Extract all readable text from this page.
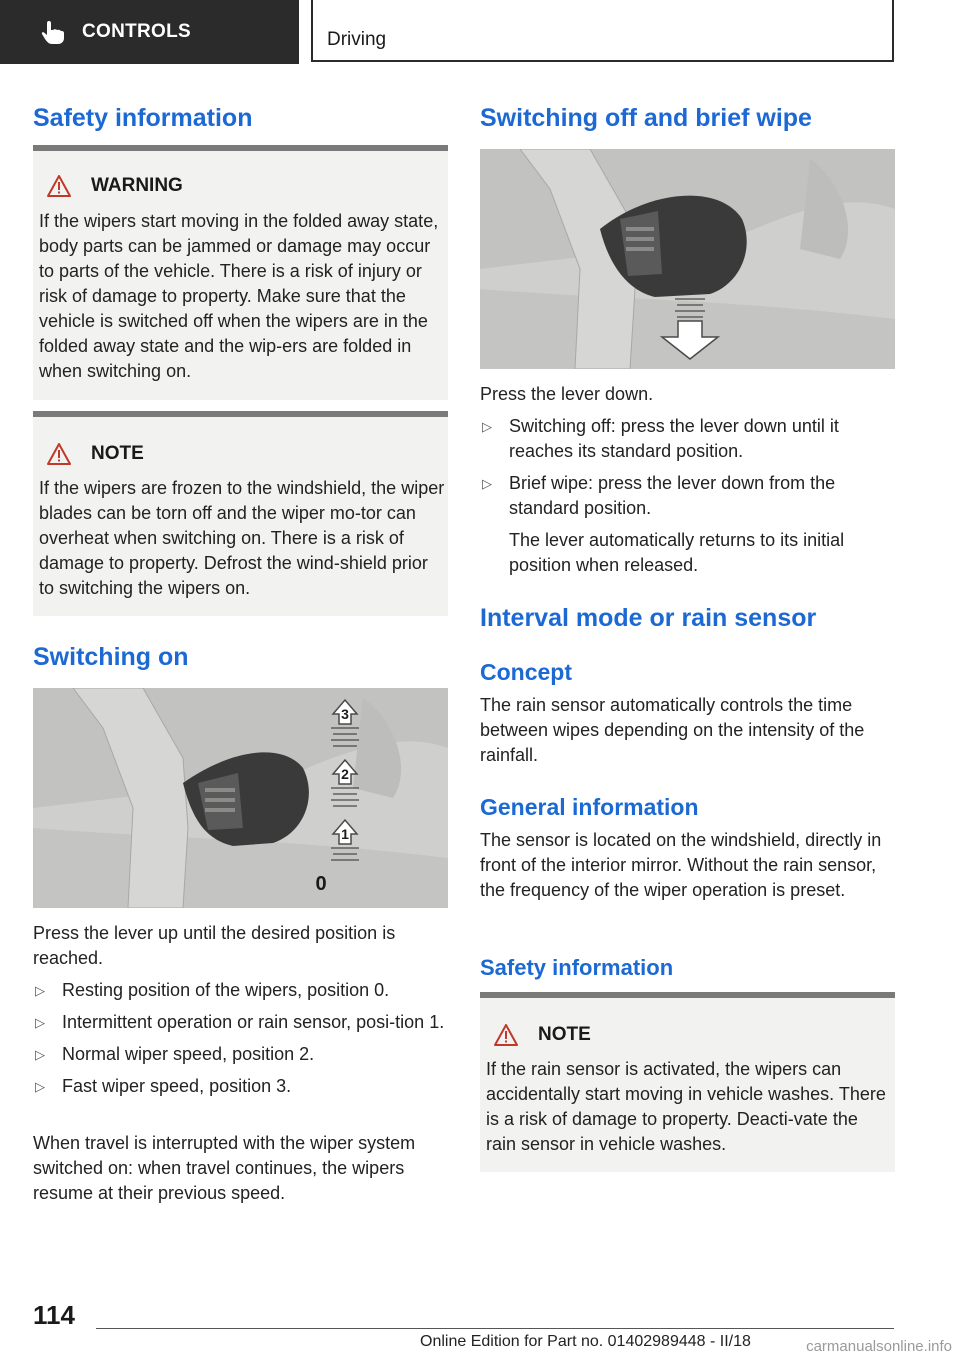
CONTROLS	Driving
Safety information
WARNING

If the wipers start moving in the folded away state, body parts can be jammed or damage may occur to parts of the vehicle. There is a risk of injury or risk of damage to property. Make sure that the vehicle is switched off when the wipers are in the folded away state and the wip‐ers are folded in when switching on.

NOTE

If the wipers are frozen to the windshield, the wiper blades can be torn off and the wiper mo‐tor can overheat when switching on. There is a risk of damage to property. Defrost the wind‐shield prior to switching the wipers on.

Switching on
3
2
1
0

Press the lever up until the desired position is reached.

▷ Resting position of the wipers, position 0.
▷ Intermittent operation or rain sensor, posi‐tion 1.
▷ Normal wiper speed, position 2.
▷ Fast wiper speed, position 3.

When travel is interrupted with the wiper system switched on: when travel continues, the wipers resume at their previous speed.

Switching off and brief wipe

Press the lever down.

▷ Switching off: press the lever down until it reaches its standard position.
▷ Brief wipe: press the lever down from the standard position.
The lever automatically returns to its initial position when released.
Interval mode or rain sensor
Concept

The rain sensor automatically controls the time between wipes depending on the intensity of the rainfall.

General information

The sensor is located on the windshield, directly in front of the interior mirror. Without the rain sensor, the frequency of the wiper operation is preset.

Safety information
NOTE

If the rain sensor is activated, the wipers can accidentally start moving in vehicle washes. There is a risk of damage to property. Deacti‐vate the rain sensor in vehicle washes.

114
Online Edition for Part no. 01402989448 - II/18	carmanualsonline.info
